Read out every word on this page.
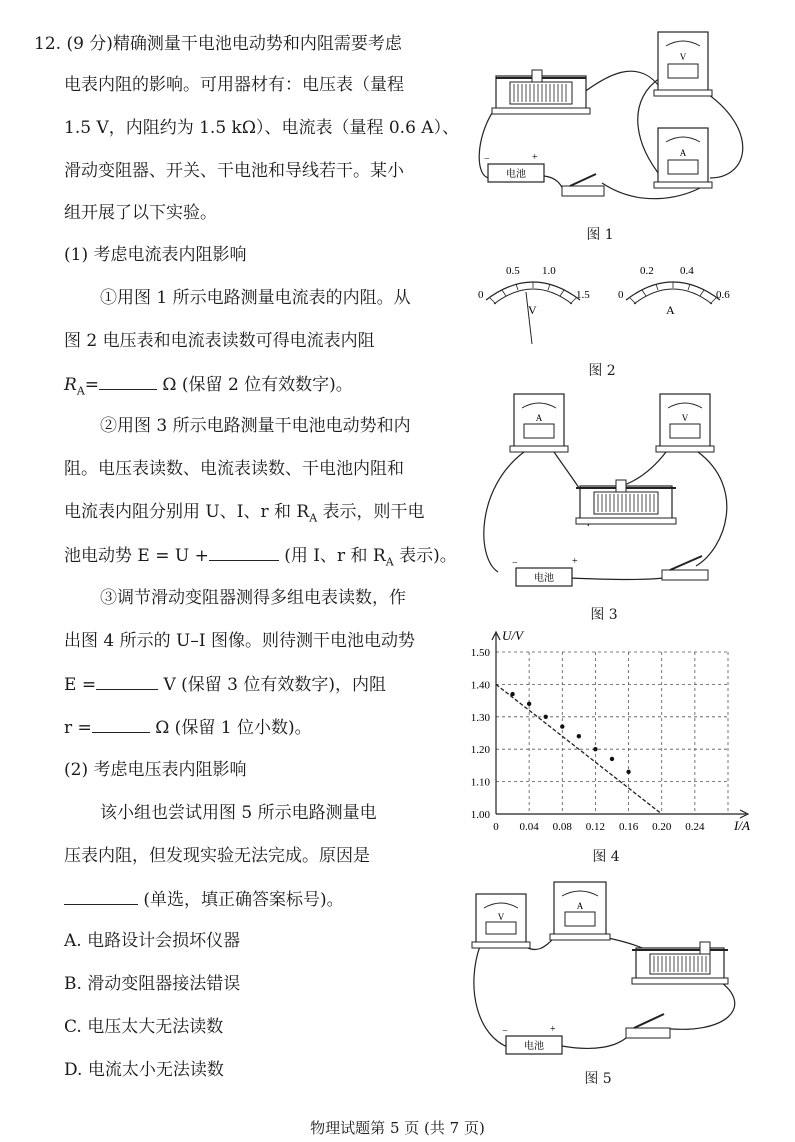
12. (9 分)精确测量干电池电动势和内阻需要考虑
电表内阻的影响。可用器材有：电压表（量程
1.5 V，内阻约为 1.5 kΩ）、电流表（量程 0.6 A）、
滑动变阻器、开关、干电池和导线若干。某小
组开展了以下实验。
(1) 考虑电流表内阻影响
①用图 1 所示电路测量电流表的内阻。从
图 2 电压表和电流表读数可得电流表内阻
$R_A=$	Ω (保留 2 位有效数字)。
②用图 3 所示电路测量干电池电动势和内
阻。电压表读数、电流表读数、干电池内阻和
电流表内阻分别用 U、I、r 和 $R_A$ 表示，则干电
池电动势 E = U +	(用 I、r 和 $R_A$ 表示)。
③调节滑动变阻器测得多组电表读数，作
出图 4 所示的 U–I 图像。则待测干电池电动势
E =	V (保留 3 位有效数字)，内阻
r =	Ω (保留 1 位小数)。
(2) 考虑电压表内阻影响
该小组也尝试用图 5 所示电路测量电
压表内阻，但发现实验无法完成。原因是
(单选，填正确答案标号)。
A. 电路设计会损坏仪器
B. 滑动变阻器接法错误
C. 电压太大无法读数
D. 电流太小无法读数
V
A
电池
−	+
图 1
0
0.5 1.0
1.5
V
0
0.2 0.4
0.6
A
图 2
A	V
电池
−	+
图 3
0 0.04 0.08 0.12 0.16 0.20 0.24
1.00
1.10
1.20
1.30
1.40
1.50
U/V
I/A
图 4
V
A
电池
−	+
图 5
物理试题第 5 页 (共 7 页)
